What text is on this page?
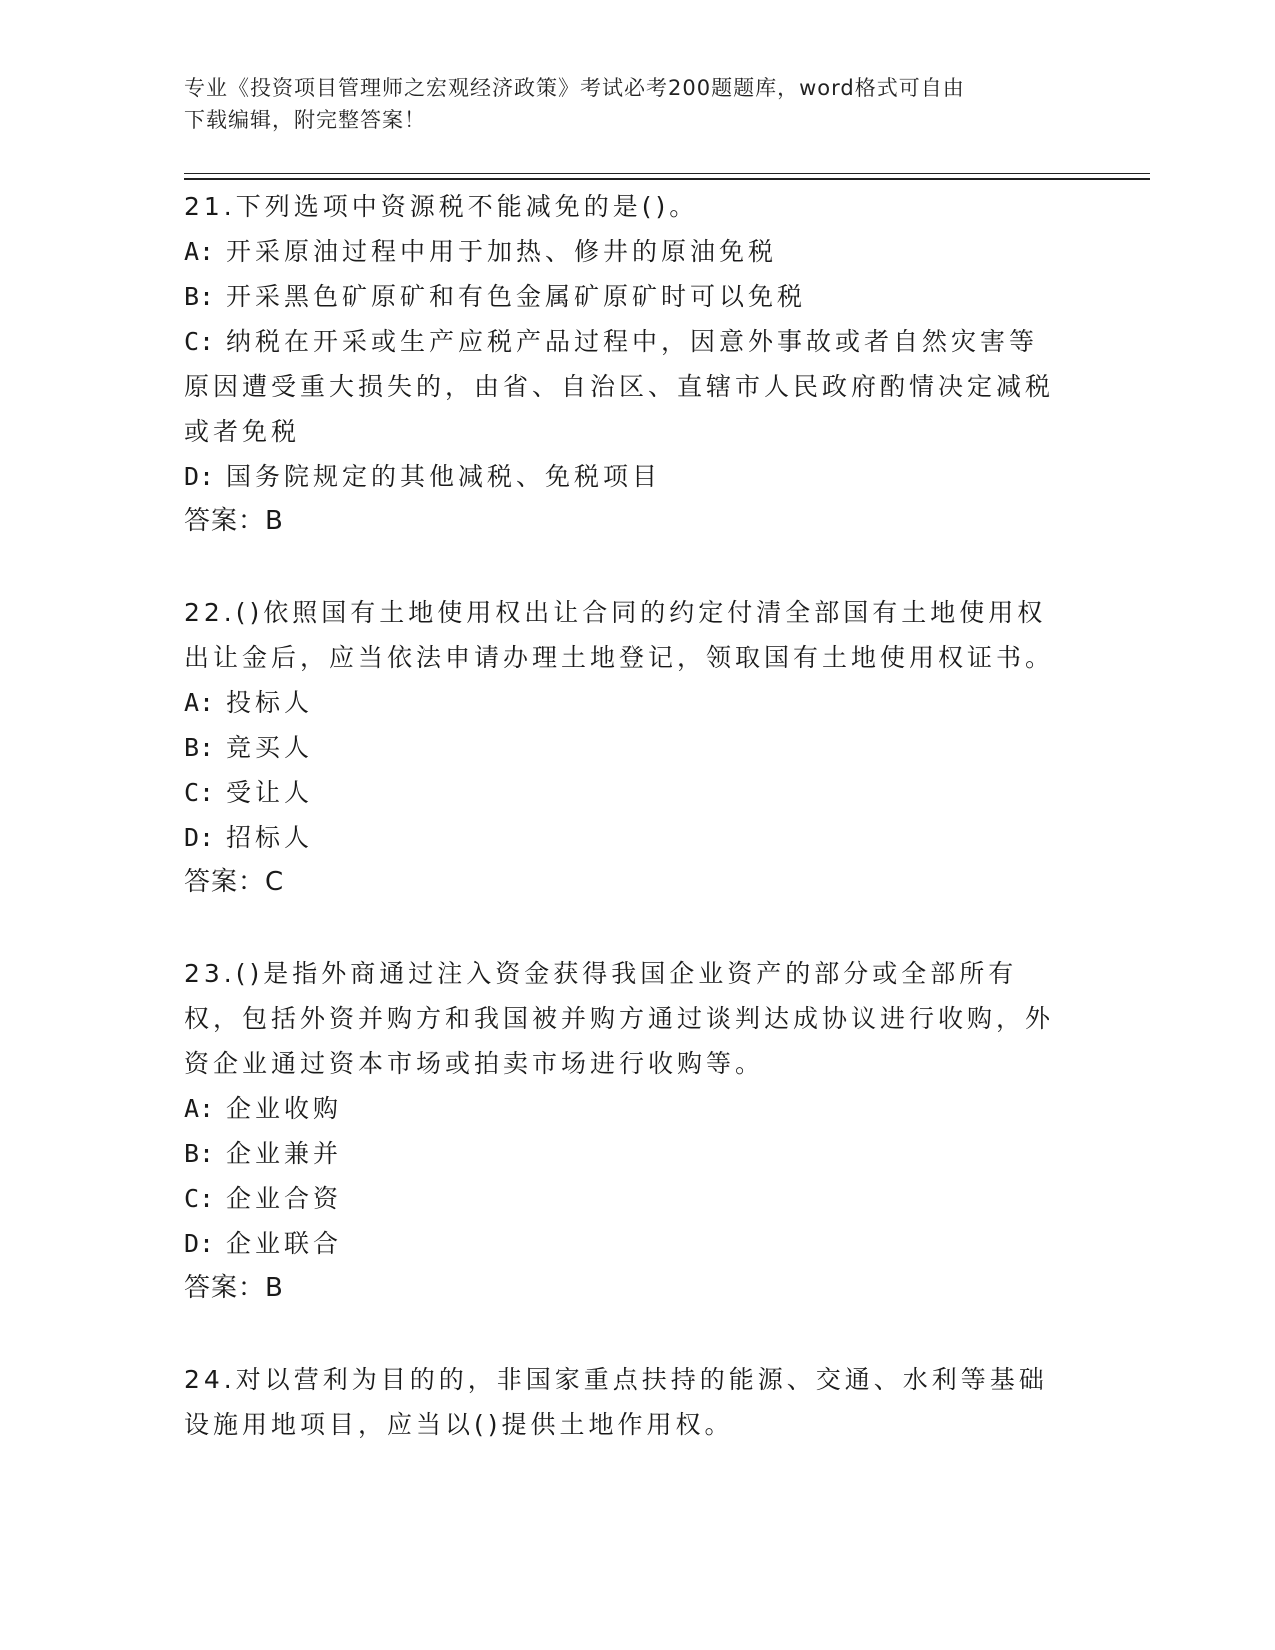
专业《投资项目管理师之宏观经济政策》考试必考200题题库，word格式可自由
下载编辑，附完整答案！

21.下列选项中资源税不能减免的是()。

A: 开采原油过程中用于加热、修井的原油免税

B: 开采黑色矿原矿和有色金属矿原矿时可以免税

C: 纳税在开采或生产应税产品过程中，因意外事故或者自然灾害等原因遭受重大损失的，由省、自治区、直辖市人民政府酌情决定减税或者免税

D: 国务院规定的其他减税、免税项目

答案：B

22.()依照国有土地使用权出让合同的约定付清全部国有土地使用权出让金后，应当依法申请办理土地登记，领取国有土地使用权证书。

A: 投标人

B: 竞买人

C: 受让人

D: 招标人

答案：C

23.()是指外商通过注入资金获得我国企业资产的部分或全部所有权，包括外资并购方和我国被并购方通过谈判达成协议进行收购，外资企业通过资本市场或拍卖市场进行收购等。

A: 企业收购

B: 企业兼并

C: 企业合资

D: 企业联合

答案：B

24.对以营利为目的的，非国家重点扶持的能源、交通、水利等基础设施用地项目，应当以()提供土地作用权。
